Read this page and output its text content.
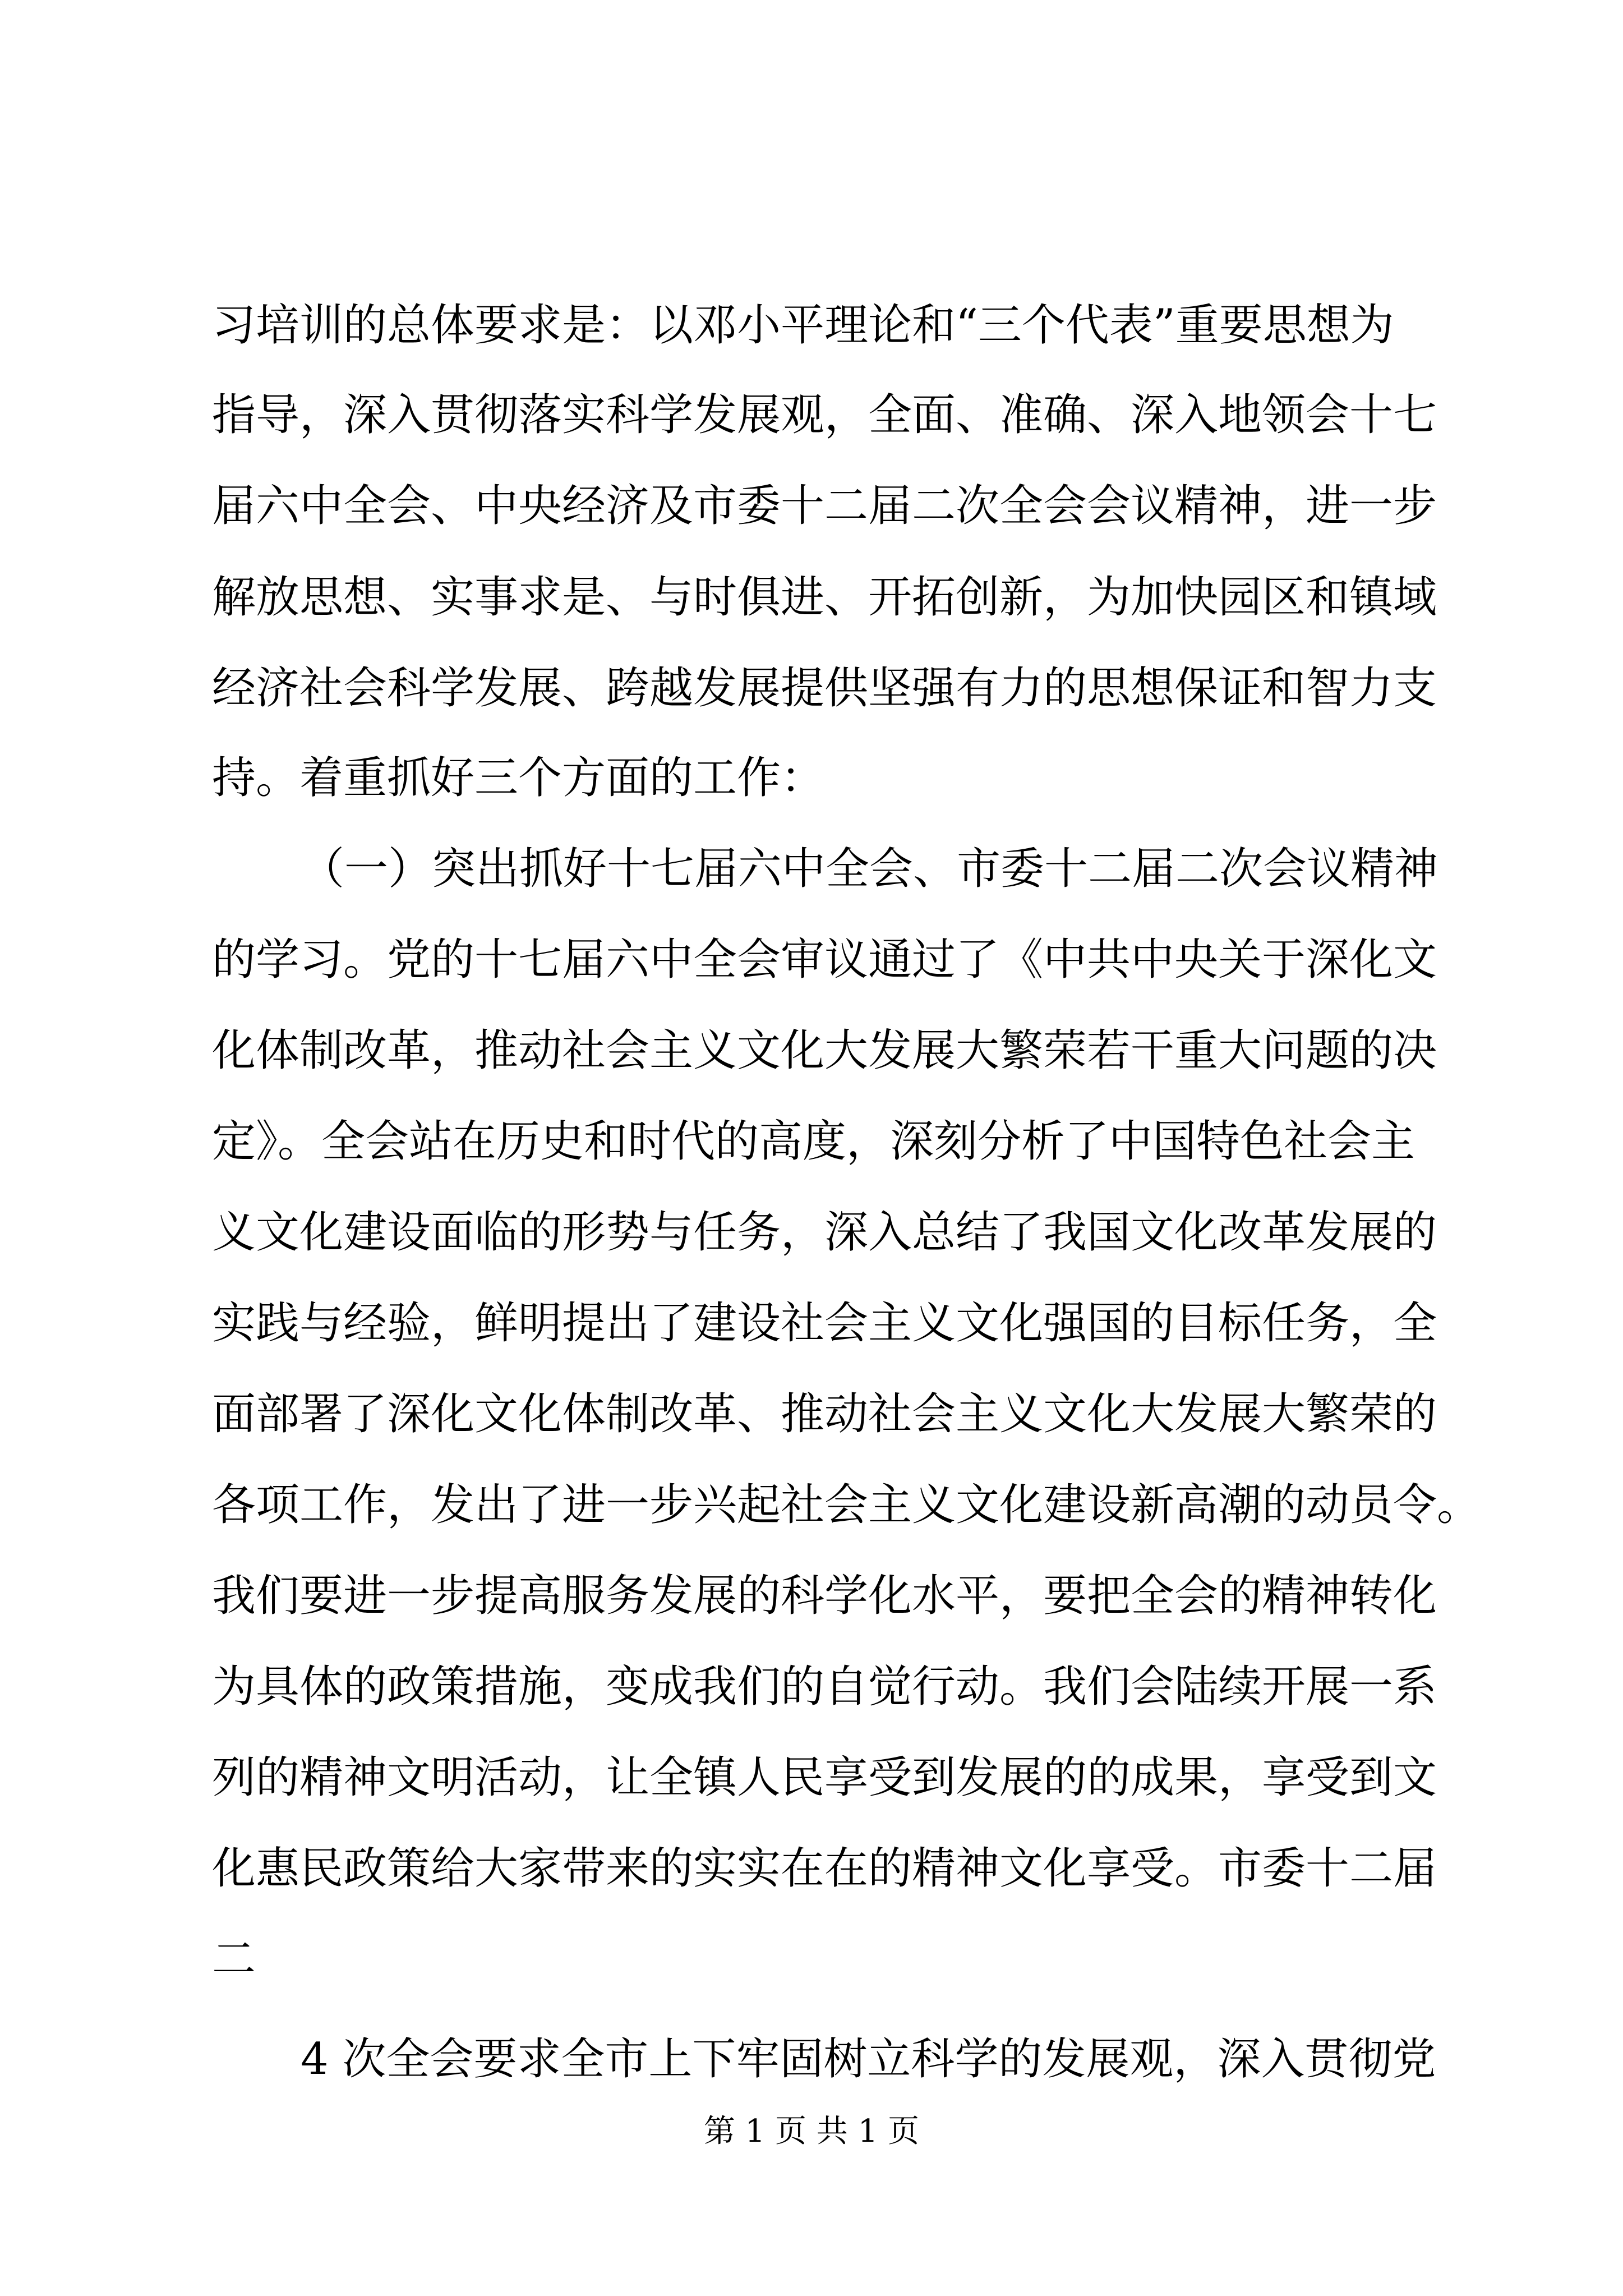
习培训的总体要求是：以邓小平理论和“三个代表”重要思想为
指导，深入贯彻落实科学发展观，全面、准确、深入地领会十七
届六中全会、中央经济及市委十二届二次全会会议精神，进一步
解放思想、实事求是、与时俱进、开拓创新，为加快园区和镇域
经济社会科学发展、跨越发展提供坚强有力的思想保证和智力支
持。着重抓好三个方面的工作：
（一）突出抓好十七届六中全会、市委十二届二次会议精神
的学习。党的十七届六中全会审议通过了《中共中央关于深化文
化体制改革，推动社会主义文化大发展大繁荣若干重大问题的决
定》。全会站在历史和时代的高度，深刻分析了中国特色社会主
义文化建设面临的形势与任务，深入总结了我国文化改革发展的
实践与经验，鲜明提出了建设社会主义文化强国的目标任务，全
面部署了深化文化体制改革、推动社会主义文化大发展大繁荣的
各项工作，发出了进一步兴起社会主义文化建设新高潮的动员令。
我们要进一步提高服务发展的科学化水平，要把全会的精神转化
为具体的政策措施，变成我们的自觉行动。我们会陆续开展一系
列的精神文明活动，让全镇人民享受到发展的的成果，享受到文
化惠民政策给大家带来的实实在在的精神文化享受。市委十二届
二
4 次全会要求全市上下牢固树立科学的发展观，深入贯彻党
第 1 页 共 1 页
